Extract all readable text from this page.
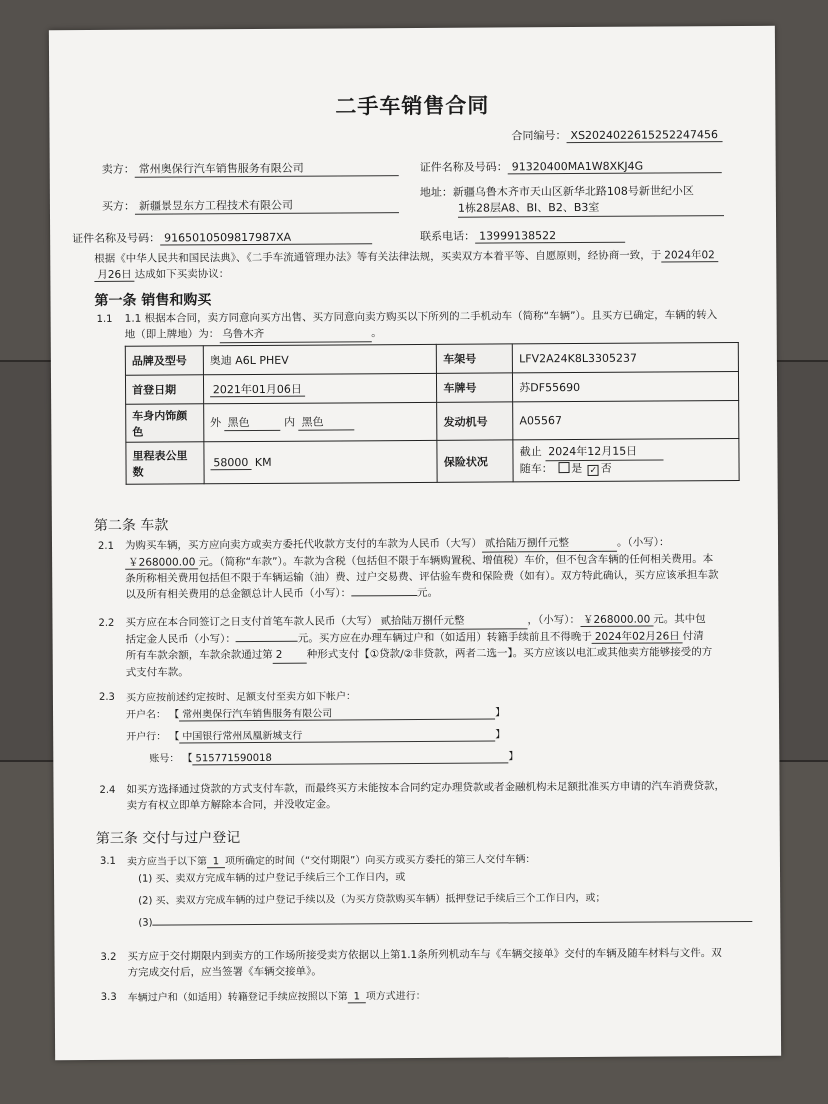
二手车销售合同
合同编号： XS2024022615252247456
卖方： 常州奥保行汽车销售服务有限公司	证件名称及号码： 91320400MA1W8XKJ4G
买方： 新疆景昱东方工程技术有限公司
地址：新疆乌鲁木齐市天山区新华北路108号新世纪小区
1栋28层A8、BI、B2、B3室
证件名称及号码： 9165010509817987XA	联系电话： 13999138522
根据《中华人民共和国民法典》、《二手车流通管理办法》等有关法律法规，买卖双方本着平等、自愿原则，经协商一致，于 2024年02
月26日 达成如下买卖协议：
第一条 销售和购买
1.1 1.1 根据本合同，卖方同意向买方出售、买方同意向卖方购买以下所列的二手机动车（简称“车辆”）。且买方已确定，车辆的转入
地（即上牌地）为： 乌鲁木齐	。
品牌及型号	奥迪 A6L PHEV	车架号	LFV2A24K8L3305237
首登日期	2021年01月06日	车牌号	苏DF55690
车身内饰颜色	外 黑色 内 黑色	发动机号	A05567
里程表公里数	58000 KM	保险状况	截止 2024年12月15日
随车： 是 ✓ 否
第二条 车款
2.1 为购买车辆，买方应向卖方或卖方委托代收款方支付的车款为人民币（大写） 贰拾陆万捌仟元整	。（小写）：
￥268000.00 元。（简称“车款”）。车款为含税（包括但不限于车辆购置税、增值税）车价，但不包含车辆的任何相关费用。本
条所称相关费用包括但不限于车辆运输（油）费、过户交易费、评估验车费和保险费（如有）。双方特此确认，买方应该承担车款
以及所有相关费用的总金额总计人民币（小写）：	元。
2.2 买方应在本合同签订之日支付首笔车款人民币（大写） 贰拾陆万捌仟元整	，（小写）： ￥268000.00 元。其中包
括定金人民币（小写）：	元。买方应在办理车辆过户和（如适用）转籍手续前且不得晚于 2024年02月26日 付清
所有车款余额，车款余款通过第 2 种形式支付【①贷款/②非贷款，两者二选一】。买方应该以电汇或其他卖方能够接受的方
式支付车款。
2.3 买方应按前述约定按时、足额支付至卖方如下帐户：
开户名： 【 常州奥保行汽车销售服务有限公司	】
开户行： 【 中国银行常州凤凰新城支行	】
账号： 【 515771590018	】
2.4 如买方选择通过贷款的方式支付车款，而最终买方未能按本合同约定办理贷款或者金融机构未足额批准买方申请的汽车消费贷款，
卖方有权立即单方解除本合同，并没收定金。
第三条 交付与过户登记
3.1 卖方应当于以下第 1 项所确定的时间（“交付期限”）向买方或买方委托的第三人交付车辆：
(1) 买、卖双方完成车辆的过户登记手续后三个工作日内，或
(2) 买、卖双方完成车辆的过户登记手续以及（为买方贷款购买车辆）抵押登记手续后三个工作日内，或；
(3)
3.2 买方应于交付期限内到卖方的工作场所接受卖方依据以上第1.1条所列机动车与《车辆交接单》交付的车辆及随车材料与文件。双
方完成交付后，应当签署《车辆交接单》。
3.3 车辆过户和（如适用）转籍登记手续应按照以下第 1 项方式进行：
